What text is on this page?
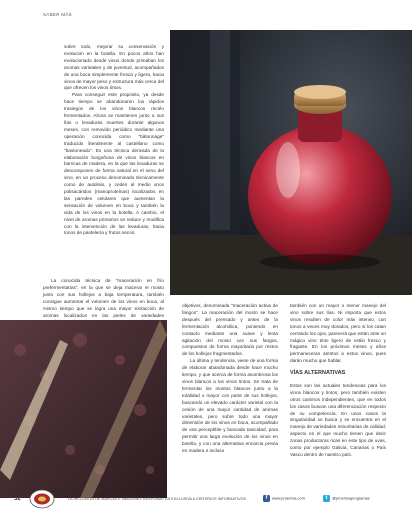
SABER MÁS

sobre todo, mejorar su conservación y evolución en la botella. En pocos años han evolucionado desde vinos donde primaban los aromas varietales y de juventud, acompañados de una boca simplemente fresca y ligera, hacia vinos de mayor peso y estructura más cerca del que ofrecen los vinos tintos.

Para conseguir este propósito, ya desde hace tiempo se abandonaron los rápidos trasiegos de los vinos blancos recién fermentados. Ahora se mantienen junto a sus lías o levaduras muertes durante algunos meses, con removido periódico mediante una operación conocida como "bâtonnage" traducido literalmente al castellano como "bastoneado". Es una técnica derivada de la elaboración borgoñona de vinos blancos en barricas de madera, en la que las levaduras se descomponen de forma natural en el seno del vino, en un proceso denominado técnicamente como de autolisis, y ceden al medio unos polisacáridos (manoproteínas) localizados en las paredes celulares que aumentan la sensación de volumen en boca y también la vida de los vinos en la botella. A cambio, el nivel de aromas primarios se reduce y modifica con la intervención de las levaduras, hacia tonos de pastelería y frutos secos.

La conocida técnica de "maceración en frío prefermentativa", en la que se deja macerar el mosto junto con sus hollejos a baja temperatura, también consigue aumentar el volumen de los vinos en boca, al mismo tiempo que se logra una mayor extracción de aromas localizados en las pieles de variedades

objetivos, denominada "maceración activa de fangos". La maceración del mosto se hace después del prensado y antes de la fermentación alcohólica, poniendo en contacto mediante una suave y lenta agitación del mosto con sus fangos, compuestos de forma mayoritaria por restos de los hollejos fragmentados.

La última y tendencia, viene de una forma de elaborar abandonada desde hace mucho tiempo, y que acerca de forma asombrosa los vinos blancos a los vinos tintos. Se trata de fermentar los mostos blancos junto a la totalidad o mayor con parte de sus hollejos, buscando un elevado carácter varietal con la cesión de una mayor cantidad de aromas varietales, pero sobre todo una mayor dimensión de los vinos en boca, acompañado de una perceptible y buscada tanicidad, para permitir una larga evolución de los vinos en botella, y con una alternativa encarcia previa en madera e incluso

también con un mayor o menor manejo del vino sobre sus lías. Ni importa que estos vinos resulten de color más intenso, con tonos a veces muy dorados, pero si los catan cerrando los ojos, parecerá que están ante un mágico vino tinto ligero de estilo fresco y fragante. En los próximos meses y años permaneceran atentos a estos vinos, pues darán mucho que hablar.

VÍAS ALTERNATIVAS

Estos son las actuales tendencias para los vinos blancos y tintos, pero también existen otros caminos independientes, que en todos los casos buscan una diferenciación respecto de su competencia. En unos casos la singularidad se busca y se encuentra en el manejo de variedades minoritarias de calidad, aspecto en el que mucho tienen que decir zonas productoras ricas en este tipo de uvas, como por ejemplo Galicia, Canarias o País Vasco dentro de nuestro país.

52	LA INCLUSIÓN DE MARCAS E IMÁGENES RESPONDE EN EXCLUSIVA A CRITERIOS INFORMATIVOS	f www.proemsa.com	t @proemsaprogramas
